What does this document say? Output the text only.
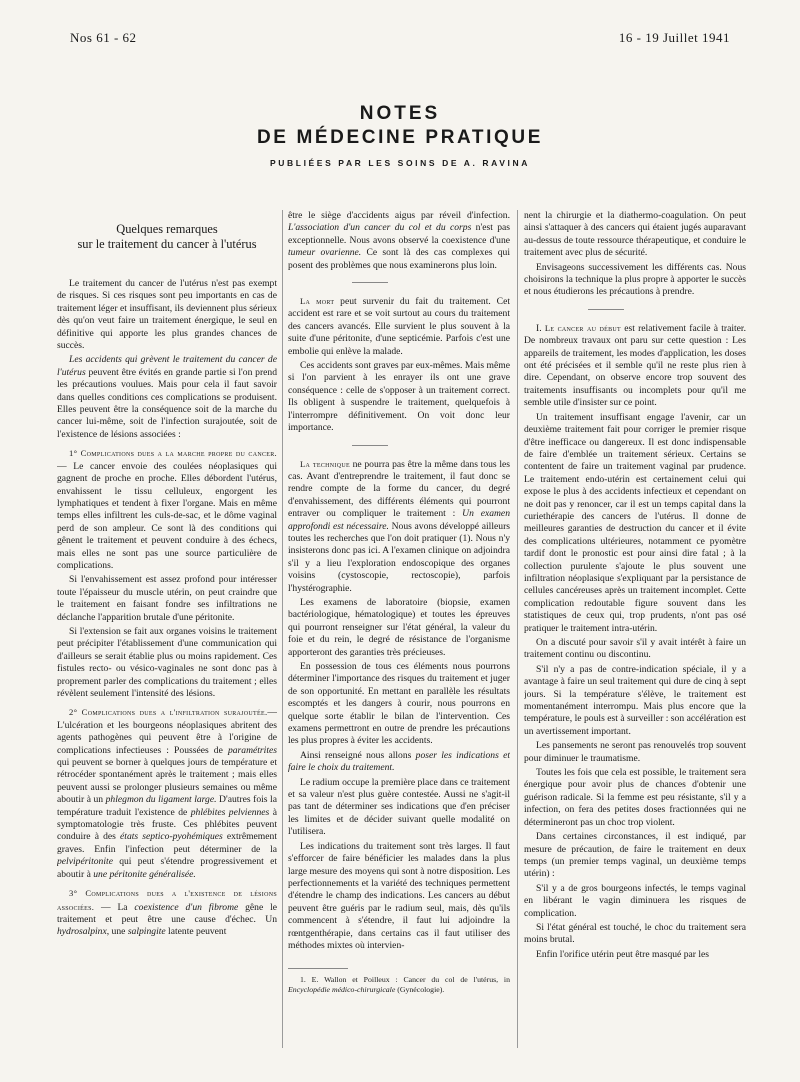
Nos 61 - 62	16 - 19 Juillet 1941
NOTES
DE MÉDECINE PRATIQUE
PUBLIÉES PAR LES SOINS DE A. RAVINA
Quelques remarques
sur le traitement du cancer à l'utérus

Le traitement du cancer de l'utérus n'est pas exempt de risques. Si ces risques sont peu importants en cas de traitement léger et insuffisant, ils deviennent plus sérieux dès qu'on veut faire un traitement énergique, le seul en définitive qui apporte les plus grandes chances de succès.

Les accidents qui grèvent le traitement du cancer de l'utérus peuvent être évités en grande partie si l'on prend les précautions voulues. Mais pour cela il faut savoir dans quelles conditions ces complications se produisent. Elles peuvent être la conséquence soit de la marche du cancer lui-même, soit de l'infection surajoutée, soit de l'existence de lésions associées :

1° Complications dues a la marche propre du cancer. — Le cancer envoie des coulées néoplasiques qui gagnent de proche en proche. Elles débordent l'utérus, envahissent le tissu celluleux, engorgent les lymphatiques et tendent à fixer l'organe. Mais en même temps elles infiltrent les culs-de-sac, et le dôme vaginal perd de son ampleur. Ce sont là des conditions qui gênent le traitement et peuvent conduire à des échecs, mais elles ne sont pas une source particulière de complications.

Si l'envahissement est assez profond pour intéresser toute l'épaisseur du muscle utérin, on peut craindre que le traitement en faisant fondre ses infiltrations ne déclanche l'apparition brutale d'une péritonite.

Si l'extension se fait aux organes voisins le traitement peut précipiter l'établissement d'une communication qui d'ailleurs se serait établie plus ou moins rapidement. Ces fistules recto- ou vésico-vaginales ne sont donc pas à proprement parler des complications du traitement ; elles révèlent seulement l'intensité des lésions.

2° Complications dues a l'infiltration surajoutée.—L'ulcération et les bourgeons néoplasiques abritent des agents pathogènes qui peuvent être à l'origine de complications infectieuses : Poussées de paramétrites qui peuvent se borner à quelques jours de température et rétrocéder spontanément après le traitement ; mais elles peuvent aussi se prolonger plusieurs semaines ou même aboutir à un phlegmon du ligament large. D'autres fois la température traduit l'existence de phlébites pelviennes à symptomatologie très fruste. Ces phlébites peuvent conduire à des états septico-pyohémiques extrêmement graves. Enfin l'infection peut déterminer de la pelvipéritonite qui peut s'étendre progressivement et aboutir à une péritonite généralisée.

3° Complications dues a l'existence de lésions associées. — La coexistence d'un fibrome gêne le traitement et peut être une cause d'échec. Un hydrosalpinx, une salpingite latente peuvent

être le siège d'accidents aigus par réveil d'infection. L'association d'un cancer du col et du corps n'est pas exceptionnelle. Nous avons observé la coexistence d'une tumeur ovarienne. Ce sont là des cas complexes qui posent des problèmes que nous examinerons plus loin.

La mort peut survenir du fait du traitement. Cet accident est rare et se voit surtout au cours du traitement des cancers avancés. Elle survient le plus souvent à la suite d'une péritonite, d'une septicémie. Parfois c'est une embolie qui enlève la malade.

Ces accidents sont graves par eux-mêmes. Mais même si l'on parvient à les enrayer ils ont une grave conséquence : celle de s'opposer à un traitement correct. Ils obligent à suspendre le traitement, quelquefois à l'interrompre définitivement. On voit donc leur importance.

La technique ne pourra pas être la même dans tous les cas. Avant d'entreprendre le traitement, il faut donc se rendre compte de la forme du cancer, du degré d'envahissement, des différents éléments qui pourront entraver ou compliquer le traitement : Un examen approfondi est nécessaire. Nous avons développé ailleurs toutes les recherches que l'on doit pratiquer (1). Nous n'y insisterons donc pas ici. A l'examen clinique on adjoindra s'il y a lieu l'exploration endoscopique des organes voisins (cystoscopie, rectoscopie), parfois l'hystérographie.

Les examens de laboratoire (biopsie, examen bactériologique, hématologique) et toutes les épreuves qui pourront renseigner sur l'état général, la valeur du foie et du rein, le degré de résistance de l'organisme apporteront des garanties très précieuses.

En possession de tous ces éléments nous pourrons déterminer l'importance des risques du traitement et juger de son opportunité. En mettant en parallèle les résultats escomptés et les dangers à courir, nous pourrons en quelque sorte établir le bilan de l'intervention. Ces examens permettront en outre de prendre les précautions les plus propres à éviter les accidents.

Ainsi renseigné nous allons poser les indications et faire le choix du traitement.

Le radium occupe la première place dans ce traitement et sa valeur n'est plus guère contestée. Aussi ne s'agit-il pas tant de déterminer ses indications que d'en préciser les limites et de décider suivant quelle modalité on l'utilisera.

Les indications du traitement sont très larges. Il faut s'efforcer de faire bénéficier les malades dans la plus large mesure des moyens qui sont à notre disposition. Les perfectionnements et la variété des techniques permettent d'étendre le champ des indications. Les cancers au début peuvent être guéris par le radium seul, mais, dès qu'ils commencent à s'étendre, il faut lui adjoindre la rœntgenthérapie, dans certains cas il faut utiliser des méthodes mixtes où intervien-

1. E. Wallon et Poilleux : Cancer du col de l'utérus, in Encyclopédie médico-chirurgicale (Gynécologie).

nent la chirurgie et la diathermo-coagulation. On peut ainsi s'attaquer à des cancers qui étaient jugés auparavant au-dessus de toute ressource thérapeutique, et conduire le traitement avec plus de sécurité.

Envisageons successivement les différents cas. Nous choisirons la technique la plus propre à apporter le succès et nous étudierons les précautions à prendre.

I. Le cancer au début est relativement facile à traiter. De nombreux travaux ont paru sur cette question : Les appareils de traitement, les modes d'application, les doses ont été précisées et il semble qu'il ne reste plus rien à dire. Cependant, on observe encore trop souvent des traitements insuffisants ou incomplets pour qu'il me semble utile d'insister sur ce point.

Un traitement insuffisant engage l'avenir, car un deuxième traitement fait pour corriger le premier risque d'être inefficace ou dangereux. Il est donc indispensable de faire d'emblée un traitement sérieux. Certains se contentent de faire un traitement vaginal par prudence. Le traitement endo-utérin est certainement celui qui expose le plus à des accidents infectieux et cependant on ne doit pas y renoncer, car il est un temps capital dans la curiethérapie des cancers de l'utérus. Il donne de meilleures garanties de destruction du cancer et il évite des complications ultérieures, notamment ce pyomètre tardif dont le pronostic est pour ainsi dire fatal ; à la collection purulente s'ajoute le plus souvent une infiltration néoplasique s'expliquant par la persistance de cellules cancéreuses après un traitement incomplet. Cette complication redoutable figure souvent dans les statistiques de ceux qui, trop prudents, n'ont pas osé pratiquer le traitement intra-utérin.

On a discuté pour savoir s'il y avait intérêt à faire un traitement continu ou discontinu.

S'il n'y a pas de contre-indication spéciale, il y a avantage à faire un seul traitement qui dure de cinq à sept jours. Si la température s'élève, le traitement est momentanément interrompu. Mais plus encore que la température, le pouls est à surveiller : son accélération est un avertissement important.

Les pansements ne seront pas renouvelés trop souvent pour diminuer le traumatisme.

Toutes les fois que cela est possible, le traitement sera énergique pour avoir plus de chances d'obtenir une guérison radicale. Si la femme est peu résistante, s'il y a infection, on fera des petites doses fractionnées qui ne détermineront pas un choc trop violent.

Dans certaines circonstances, il est indiqué, par mesure de précaution, de faire le traitement en deux temps (un premier temps vaginal, un deuxième temps utérin) :

S'il y a de gros bourgeons infectés, le temps vaginal en libérant le vagin diminuera les risques de complication.

Si l'état général est touché, le choc du traitement sera moins brutal.

Enfin l'orifice utérin peut être masqué par les
